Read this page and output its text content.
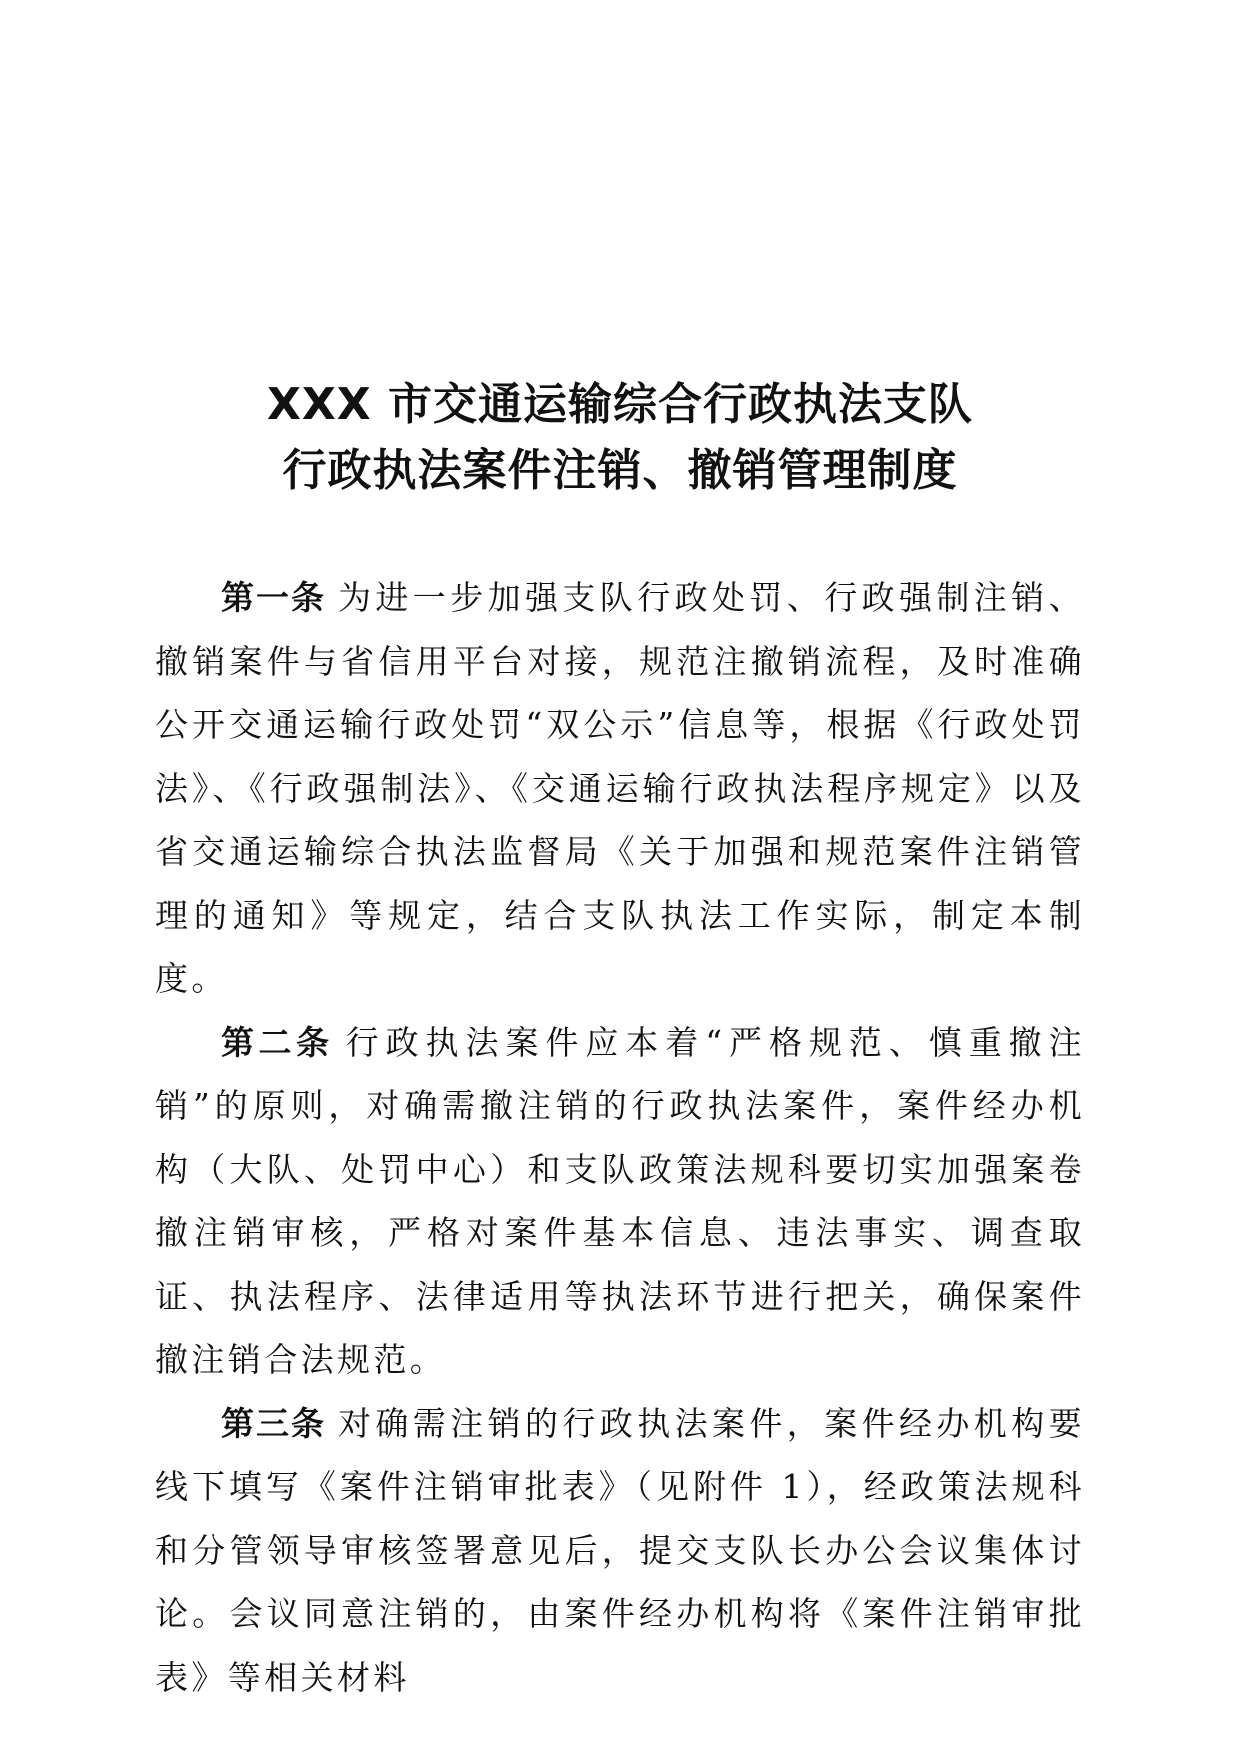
XXX 市交通运输综合行政执法支队
行政执法案件注销、撤销管理制度

第一条 为进一步加强支队行政处罚、行政强制注销、撤销案件与省信用平台对接，规范注撤销流程，及时准确公开交通运输行政处罚“双公示”信息等，根据《行政处罚法》、《行政强制法》、《交通运输行政执法程序规定》以及省交通运输综合执法监督局《关于加强和规范案件注销管理的通知》等规定，结合支队执法工作实际，制定本制度。

第二条 行政执法案件应本着“严格规范、慎重撤注销”的原则，对确需撤注销的行政执法案件，案件经办机构（大队、处罚中心）和支队政策法规科要切实加强案卷撤注销审核，严格对案件基本信息、违法事实、调查取证、执法程序、法律适用等执法环节进行把关，确保案件撤注销合法规范。

第三条 对确需注销的行政执法案件，案件经办机构要线下填写《案件注销审批表》（见附件 1），经政策法规科和分管领导审核签署意见后，提交支队长办公会议集体讨论。会议同意注销的，由案件经办机构将《案件注销审批表》等相关材料
